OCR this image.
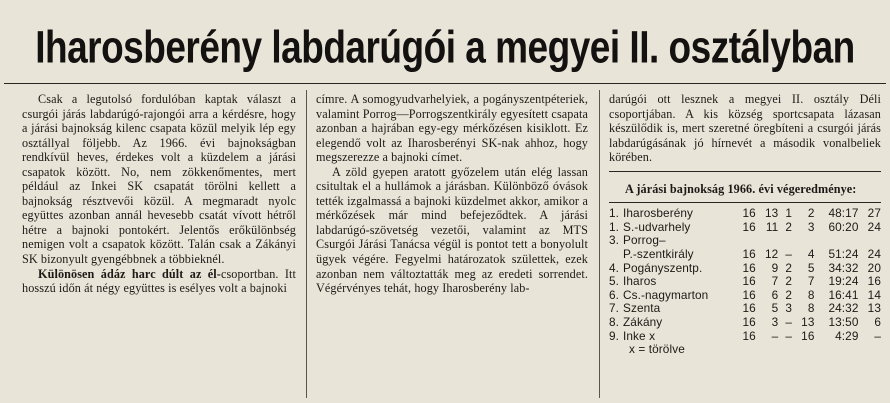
Iharosberény labdarúgói a megyei II. osztályban

Csak a legutolsó fordulóban kaptak választ a csurgói járás labdarúgó-rajongói arra a kérdésre, hogy a járási bajnokság kilenc csapata közül melyik lép egy osztállyal följebb. Az 1966. évi bajnokságban rendkívül heves, érdekes volt a küzdelem a járási csapatok között. No, nem zökkenőmentes, mert például az Inkei SK csapatát törölni kellett a bajnokság résztvevői közül. A megmaradt nyolc együttes azonban annál hevesebb csatát vívott hétről hétre a bajnoki pontokért. Jelentős erőkülönbség nemigen volt a csapatok között. Talán csak a Zákányi SK bizonyult gyengébbnek a többieknél.

Különösen ádáz harc dúlt az él-csoportban. Itt hosszú időn át négy együttes is esélyes volt a bajnoki

címre. A somogyudvarhelyiek, a pogányszentpéteriek, valamint Porrog—Porrogszentkirály egyesített csapata azonban a hajrában egy-egy mérkőzésen kisiklott. Ez elegendő volt az Iharosberényi SK-nak ahhoz, hogy megszerezze a bajnoki címet.

A zöld gyepen aratott győzelem után elég lassan csitultak el a hullámok a járásban. Különböző óvások tették izgalmassá a bajnoki küzdelmet akkor, amikor a mérkőzések már mind befejeződtek. A járási labdarúgó-szövetség vezetői, valamint az MTS Csurgói Járási Tanácsa végül is pontot tett a bonyolult ügyek végére. Fegyelmi határozatok születtek, ezek azonban nem változtatták meg az eredeti sorrendet. Végérvényes tehát, hogy Iharosberény lab-

darúgói ott lesznek a megyei II. osztály Déli csoportjában. A kis község sportcsapata lázasan készülődik is, mert szeretné öregbíteni a csurgói járás labdarúgásának jó hírnevét a második vonalbeliek körében.

A járási bajnokság 1966. évi végeredménye:
1.	Iharosberény	16	13	1	2	48:17	27
1.	S.-udvarhely	16	11	2	3	60:20	24
3.	Porrog–						
	P.-szentkirály	16	12	–	4	51:24	24
4.	Pogányszentp.	16	9	2	5	34:32	20
5.	Iharos	16	7	2	7	19:24	16
6.	Cs.-nagymarton	16	6	2	8	16:41	14
7.	Szenta	16	5	3	8	24:32	13
8.	Zákány	16	3	–	13	13:50	6
9.	Inke x	16	–	–	16	4:29	–
x = törölve
